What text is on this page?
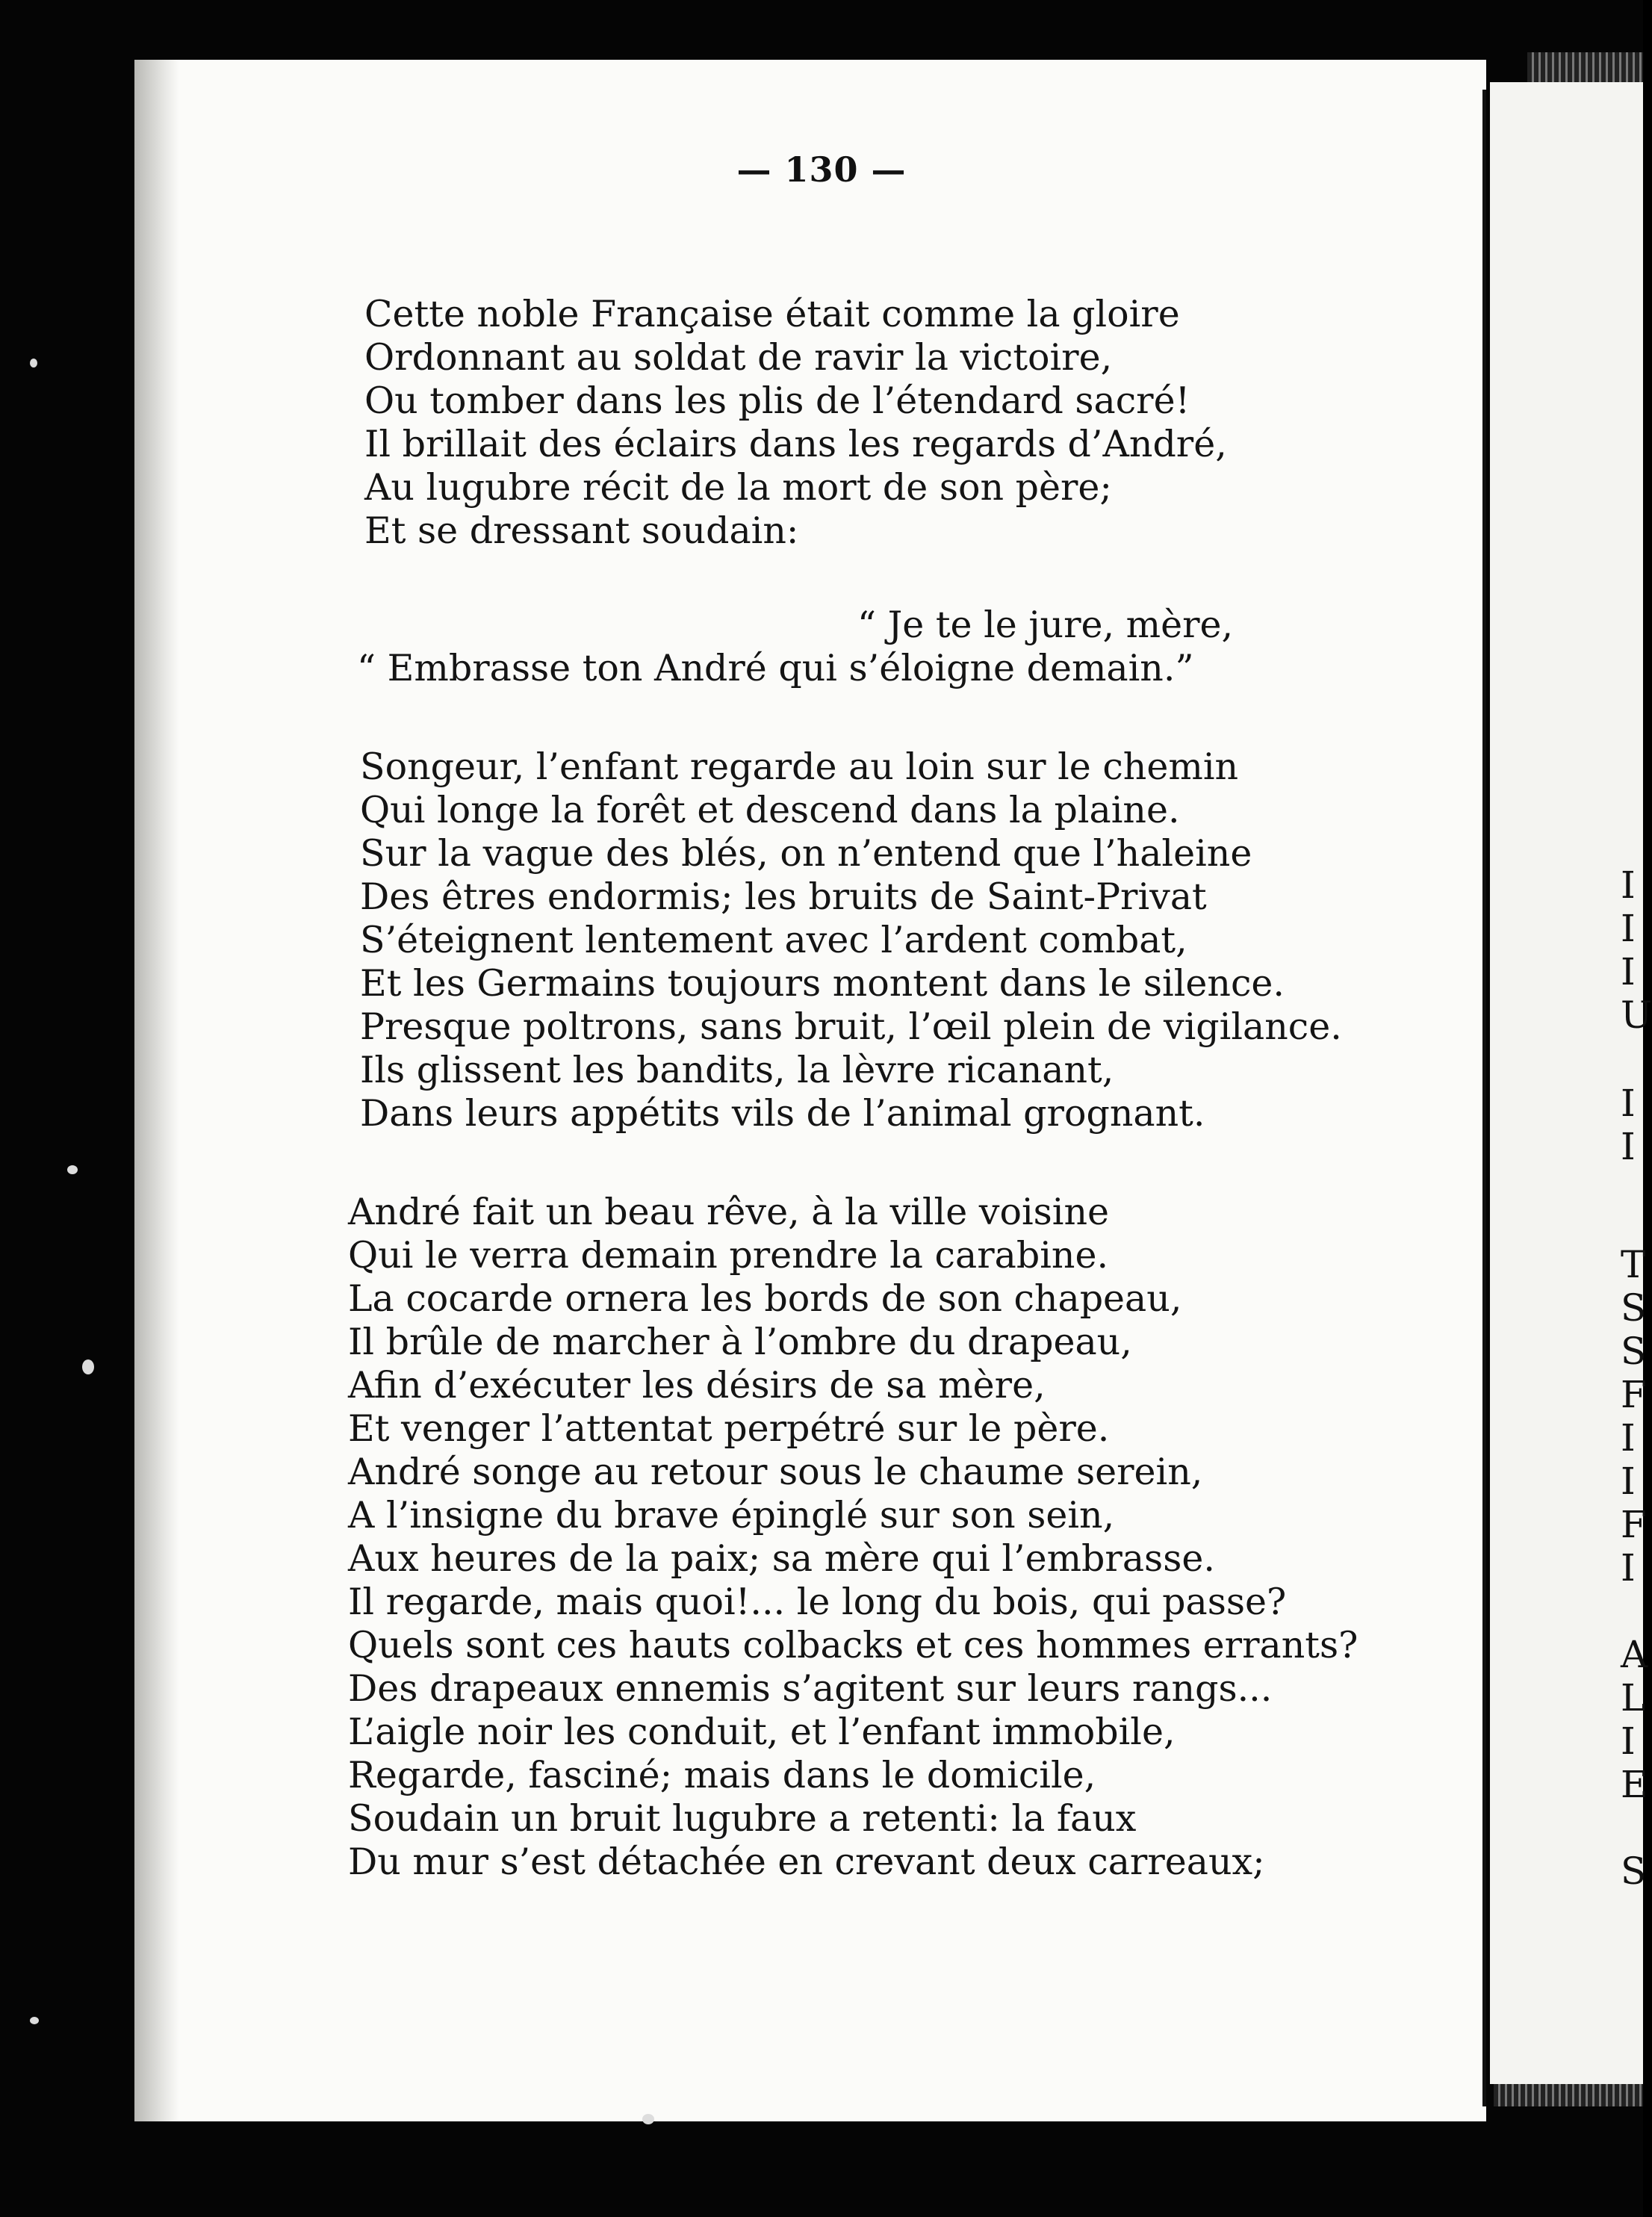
— 130 —
Cette noble Française était comme la gloire
Ordonnant au soldat de ravir la victoire,
Ou tomber dans les plis de l’étendard sacré!
Il brillait des éclairs dans les regards d’André,
Au lugubre récit de la mort de son père;
Et se dressant soudain:
“ Je te le jure, mère,
“ Embrasse ton André qui s’éloigne demain.”
Songeur, l’enfant regarde au loin sur le chemin
Qui longe la forêt et descend dans la plaine.
Sur la vague des blés, on n’entend que l’haleine
Des êtres endormis; les bruits de Saint-Privat
S’éteignent lentement avec l’ardent combat,
Et les Germains toujours montent dans le silence.
Presque poltrons, sans bruit, l’œil plein de vigilance.
Ils glissent les bandits, la lèvre ricanant,
Dans leurs appétits vils de l’animal grognant.
André fait un beau rêve, à la ville voisine
Qui le verra demain prendre la carabine.
La cocarde ornera les bords de son chapeau,
Il brûle de marcher à l’ombre du drapeau,
Afin d’exécuter les désirs de sa mère,
Et venger l’attentat perpétré sur le père.
André songe au retour sous le chaume serein,
A l’insigne du brave épinglé sur son sein,
Aux heures de la paix; sa mère qui l’embrasse.
Il regarde, mais quoi!... le long du bois, qui passe?
Quels sont ces hauts colbacks et ces hommes errants?
Des drapeaux ennemis s’agitent sur leurs rangs...
L’aigle noir les conduit, et l’enfant immobile,
Regarde, fasciné; mais dans le domicile,
Soudain un bruit lugubre a retenti: la faux
Du mur s’est détachée en crevant deux carreaux;
I
I
I
U
I
I
T
S
S
F
I
I
F
I
A
L
I
E
S
